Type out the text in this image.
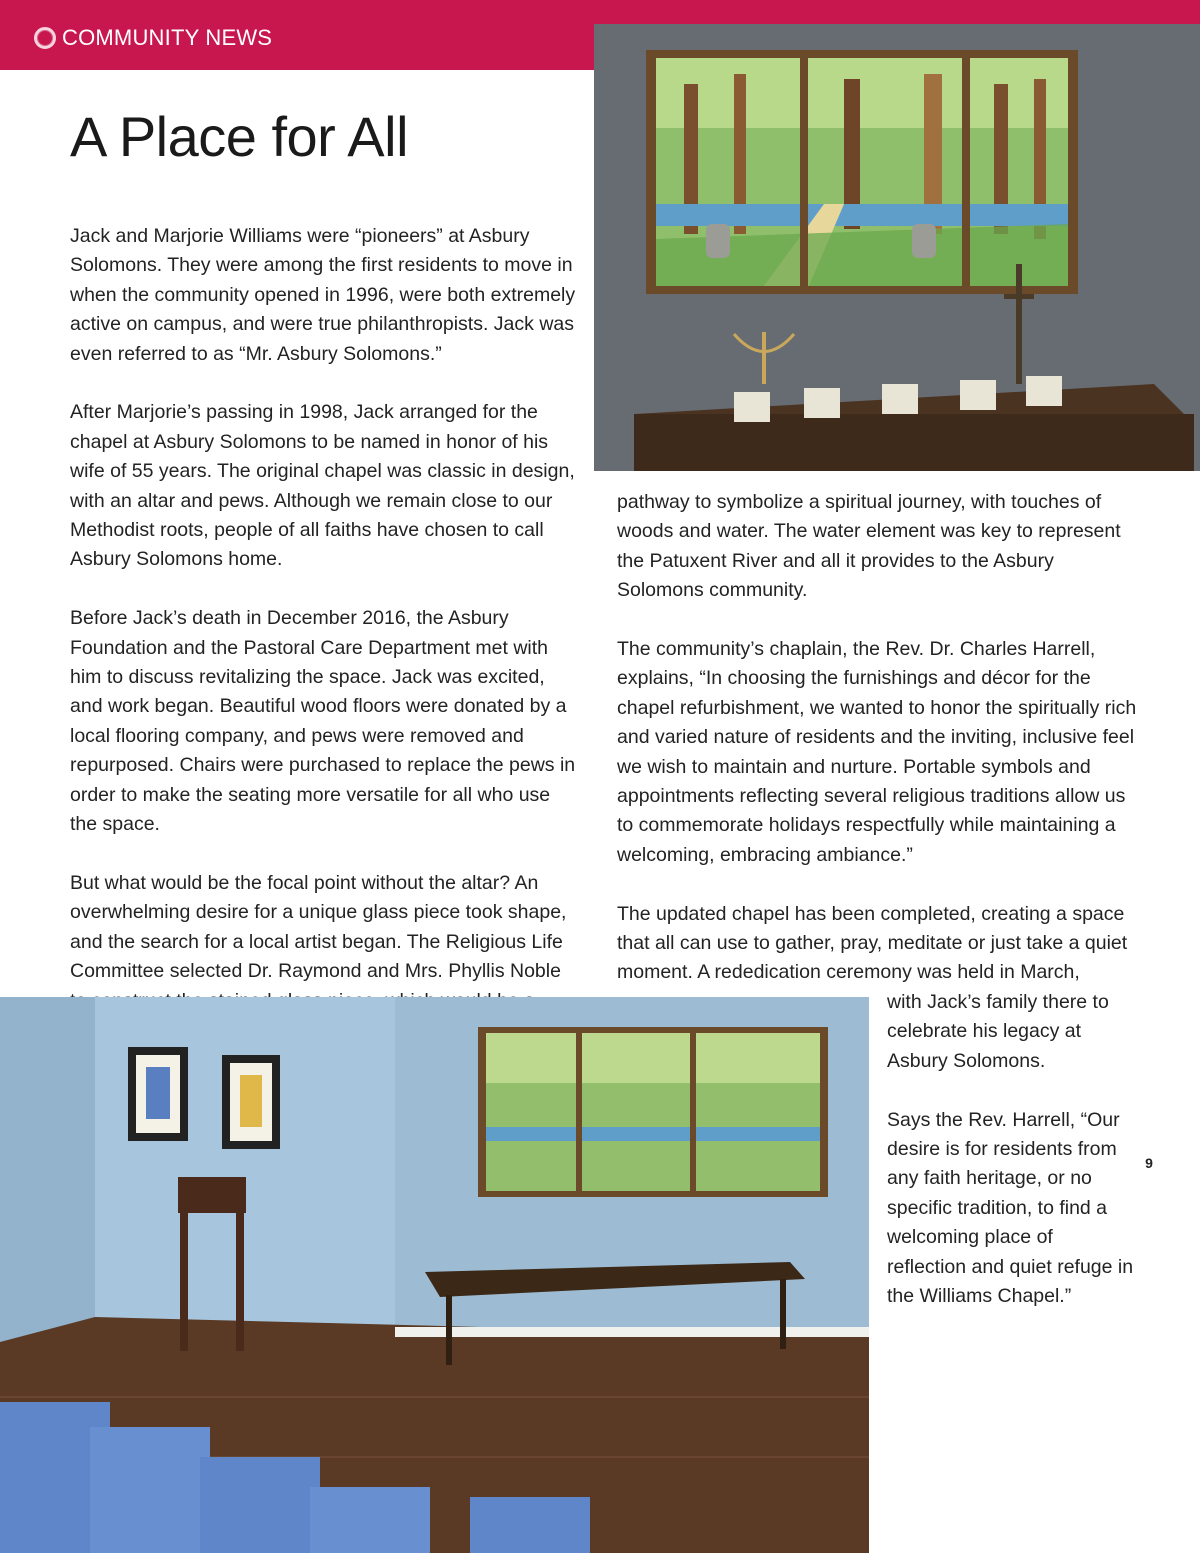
COMMUNITY NEWS
A Place for All

Jack and Marjorie Williams were “pioneers” at Asbury Solomons. They were among the first residents to move in when the community opened in 1996, were both extremely active on campus, and were true philanthropists. Jack was even referred to as “Mr. Asbury Solomons.”

After Marjorie’s passing in 1998, Jack arranged for the chapel at Asbury Solomons to be named in honor of his wife of 55 years. The original chapel was classic in design, with an altar and pews. Although we remain close to our Methodist roots, people of all faiths have chosen to call Asbury Solomons home.

Before Jack’s death in December 2016, the Asbury Foundation and the Pastoral Care Department met with him to discuss revitalizing the space. Jack was excited, and work began. Beautiful wood floors were donated by a local flooring company, and pews were removed and repurposed. Chairs were purchased to replace the pews in order to make the seating more versatile for all who use the space.

But what would be the focal point without the altar? An overwhelming desire for a unique glass piece took shape, and the search for a local artist began. The Religious Life Committee selected Dr. Raymond and Mrs. Phyllis Noble

pathway to symbolize a spiritual journey, with touches of woods and water. The water element was key to represent the Patuxent River and all it provides to the Asbury Solomons community.

The community’s chaplain, the Rev. Dr. Charles Harrell, explains, “In choosing the furnishings and décor for the chapel refurbishment, we wanted to honor the spiritually rich and varied nature of residents and the inviting, inclusive feel we wish to maintain and nurture. Portable symbols and appointments reflecting several religious traditions allow us to commemorate holidays respectfully while maintaining a welcoming, embracing ambiance.”

The updated chapel has been completed, creating a space that all can use to gather, pray, meditate or just take a quiet moment. A rededication ceremony was held in March,

with Jack’s family there to celebrate his legacy at Asbury Solomons.

Says the Rev. Harrell, “Our desire is for residents from any faith heritage, or no specific tradition, to find a welcoming place of reflection and quiet refuge in the Williams Chapel.”

9
